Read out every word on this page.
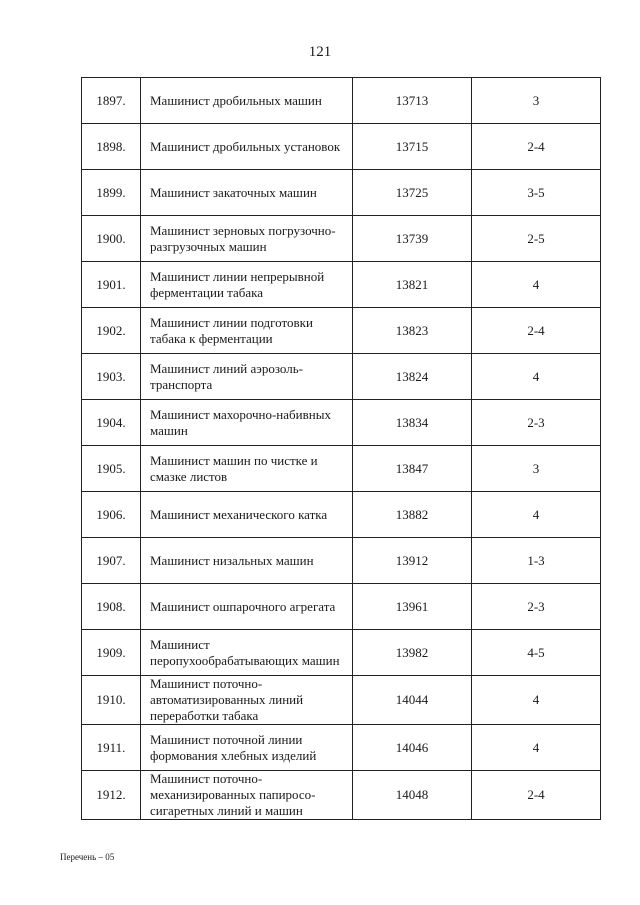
121
1897.	Машинист дробильных машин	13713	3
1898.	Машинист дробильных установок	13715	2-4
1899.	Машинист закаточных машин	13725	3-5
1900.	Машинист зерновых погрузочно-разгрузочных машин	13739	2-5
1901.	Машинист линии непрерывной ферментации табака	13821	4
1902.	Машинист линии подготовки табака к ферментации	13823	2-4
1903.	Машинист линий аэрозоль-транспорта	13824	4
1904.	Машинист махорочно-набивных машин	13834	2-3
1905.	Машинист машин по чистке и смазке листов	13847	3
1906.	Машинист механического катка	13882	4
1907.	Машинист низальных машин	13912	1-3
1908.	Машинист ошпарочного агрегата	13961	2-3
1909.	Машинист перопухообрабатывающих машин	13982	4-5
1910.	Машинист поточно-автоматизированных линий переработки табака	14044	4
1911.	Машинист поточной линии формования хлебных изделий	14046	4
1912.	Машинист поточно-механизированных папиросо-сигаретных линий и машин	14048	2-4
Перечень – 05
